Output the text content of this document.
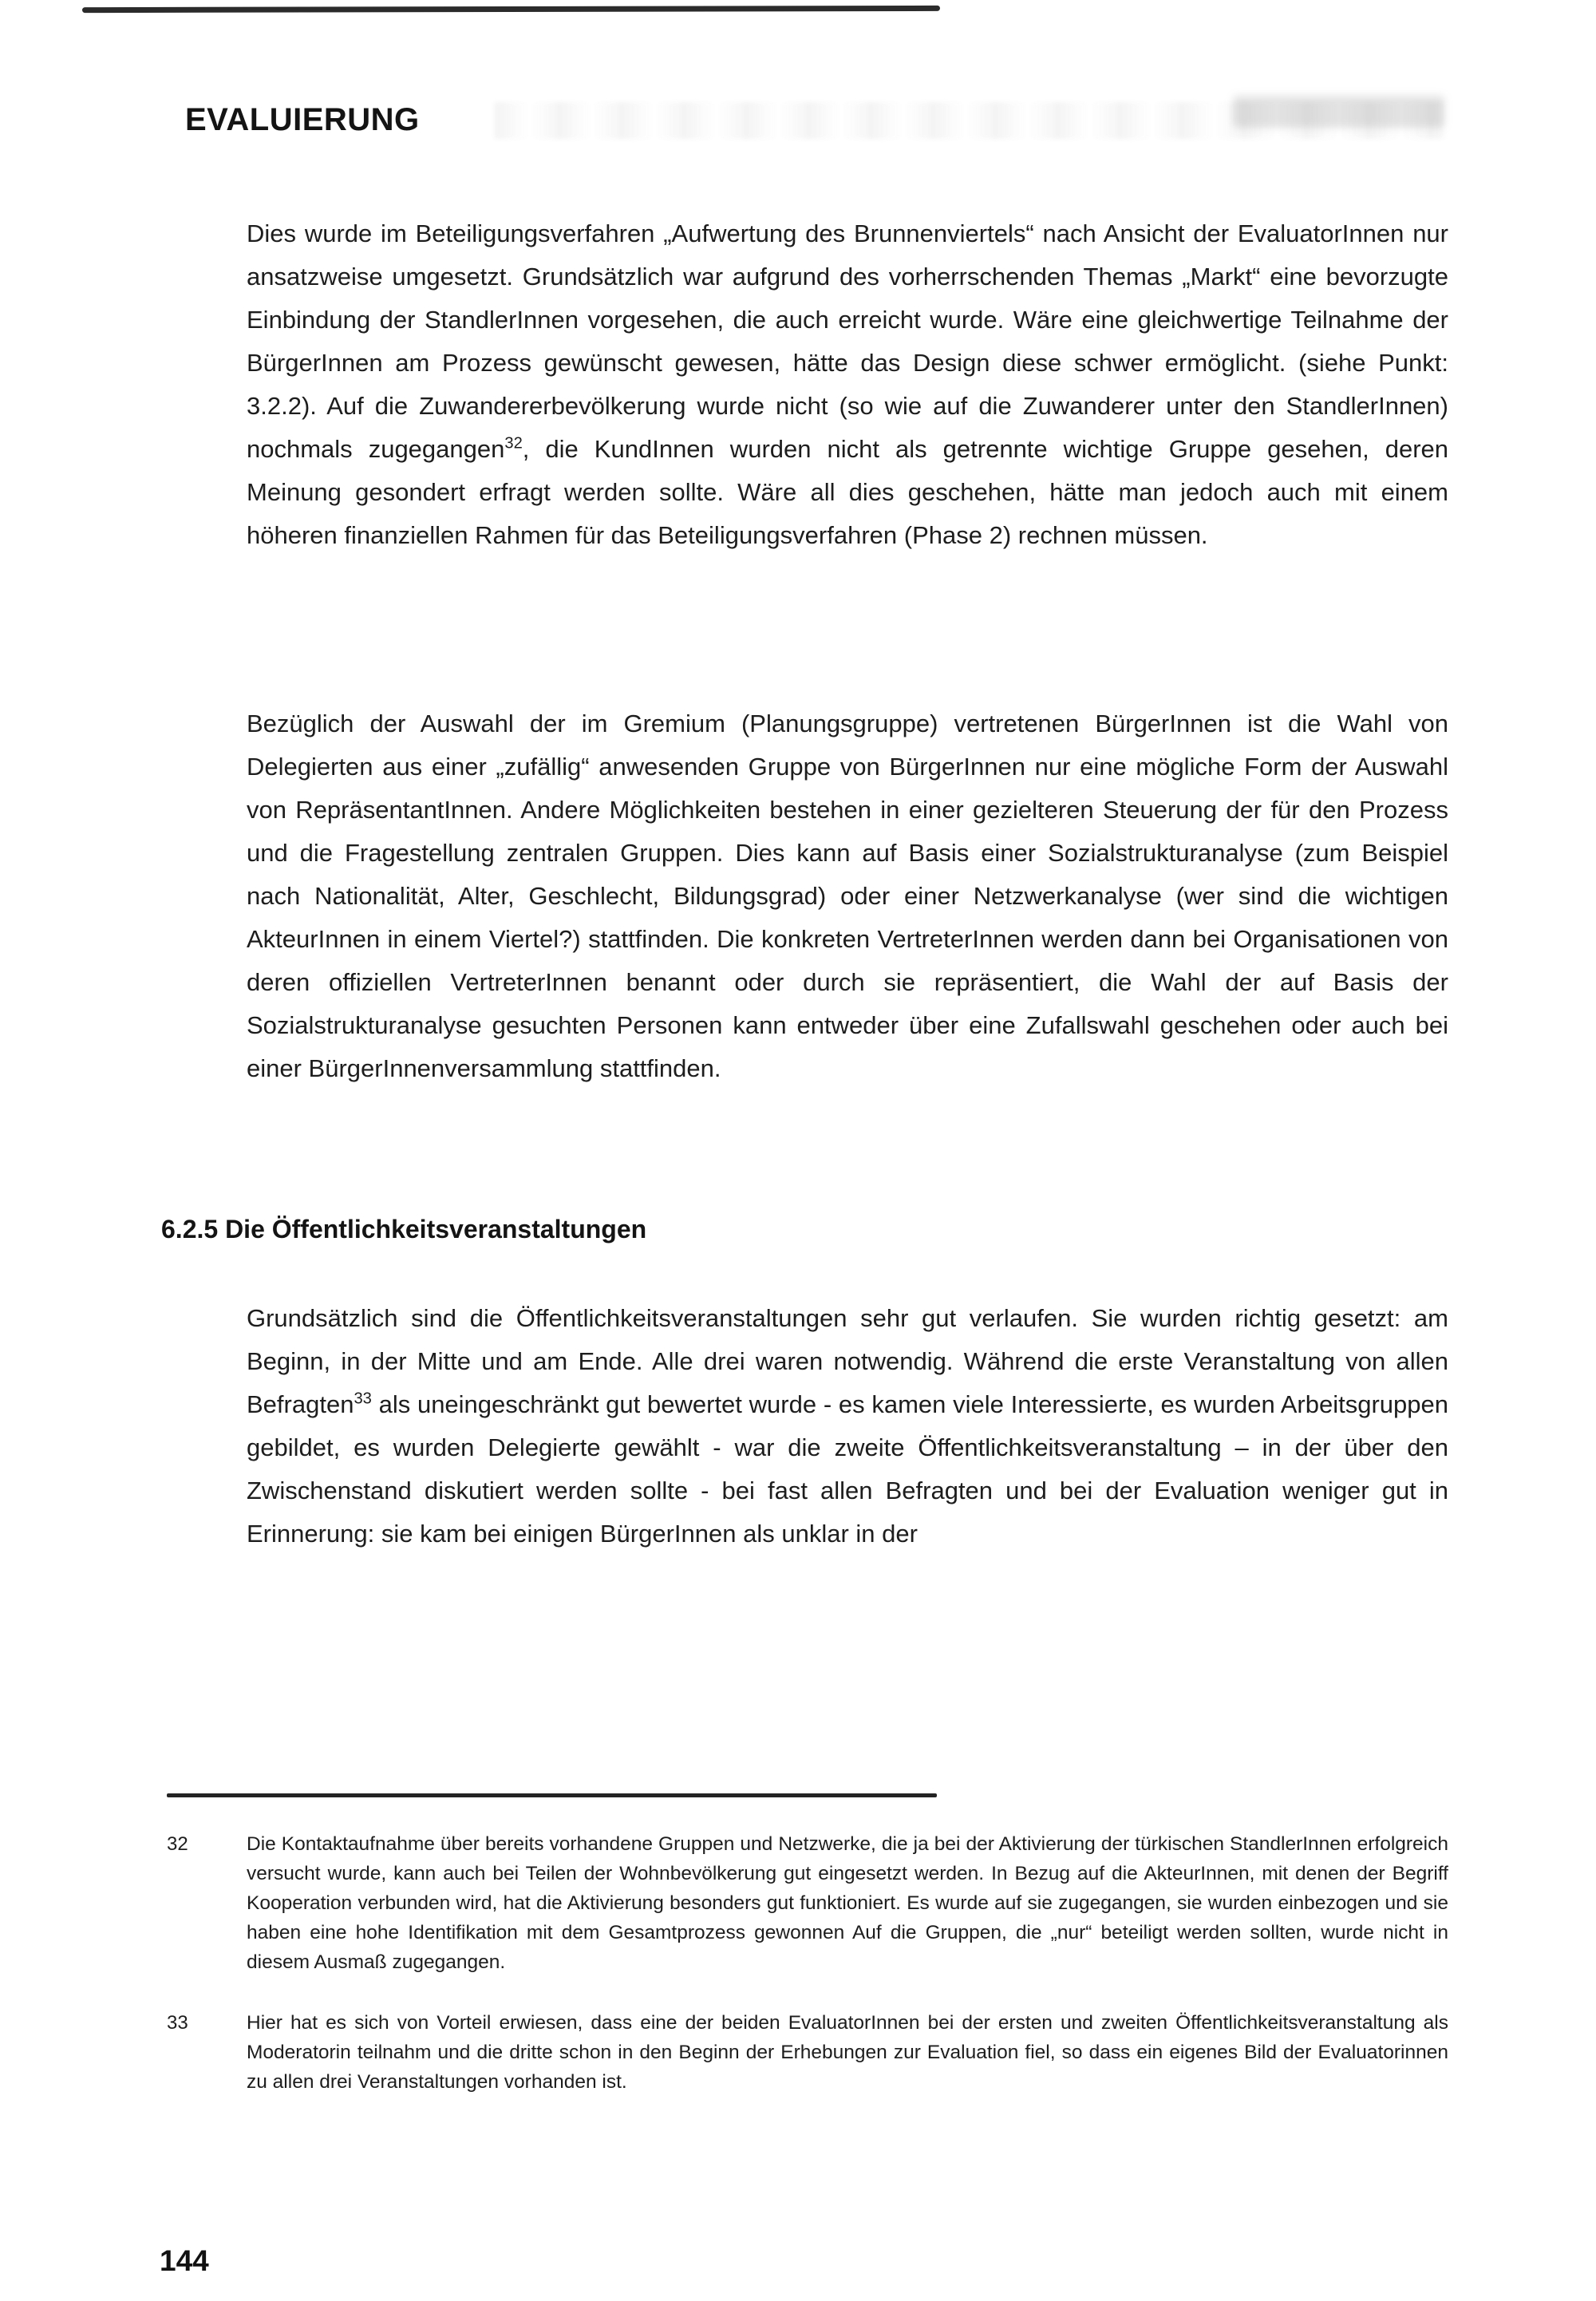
EVALUIERUNG

Dies wurde im Beteiligungsverfahren „Aufwertung des Brunnenviertels“ nach Ansicht der EvaluatorInnen nur ansatzweise umgesetzt. Grundsätzlich war aufgrund des vorherrschenden Themas „Markt“ eine bevorzugte Einbindung der StandlerInnen vorgesehen, die auch erreicht wurde. Wäre eine gleichwertige Teilnahme der BürgerInnen am Prozess gewünscht gewesen, hätte das Design diese schwer ermöglicht. (siehe Punkt: 3.2.2). Auf die Zuwandererbevölkerung wurde nicht (so wie auf die Zuwanderer unter den StandlerInnen) nochmals zugegangen$^{32}$, die KundInnen wurden nicht als getrennte wichtige Gruppe gesehen, deren Meinung gesondert erfragt werden sollte. Wäre all dies geschehen, hätte man jedoch auch mit einem höheren finanziellen Rahmen für das Beteiligungsverfahren (Phase 2) rechnen müssen.

Bezüglich der Auswahl der im Gremium (Planungsgruppe) vertretenen BürgerInnen ist die Wahl von Delegierten aus einer „zufällig“ anwesenden Gruppe von BürgerInnen nur eine mögliche Form der Auswahl von RepräsentantInnen. Andere Möglichkeiten bestehen in einer gezielteren Steuerung der für den Prozess und die Fragestellung zentralen Gruppen. Dies kann auf Basis einer Sozialstrukturanalyse (zum Beispiel nach Nationalität, Alter, Geschlecht, Bildungsgrad) oder einer Netzwerkanalyse (wer sind die wichtigen AkteurInnen in einem Viertel?) stattfinden. Die konkreten VertreterInnen werden dann bei Organisationen von deren offiziellen VertreterInnen benannt oder durch sie repräsentiert, die Wahl der auf Basis der Sozialstrukturanalyse gesuchten Personen kann entweder über eine Zufallswahl geschehen oder auch bei einer BürgerInnenversammlung stattfinden.

6.2.5 Die Öffentlichkeitsveranstaltungen

Grundsätzlich sind die Öffentlichkeitsveranstaltungen sehr gut verlaufen. Sie wurden richtig gesetzt: am Beginn, in der Mitte und am Ende. Alle drei waren notwendig. Während die erste Veranstaltung von allen Befragten$^{33}$ als uneingeschränkt gut bewertet wurde - es kamen viele Interessierte, es wurden Arbeitsgruppen gebildet, es wurden Delegierte gewählt - war die zweite Öffentlichkeitsveranstaltung – in der über den Zwischenstand diskutiert werden sollte - bei fast allen Befragten und bei der Evaluation weniger gut in Erinnerung: sie kam bei einigen BürgerInnen als unklar in der

32	Die Kontaktaufnahme über bereits vorhandene Gruppen und Netzwerke, die ja bei der Aktivierung der türkischen StandlerInnen erfolgreich versucht wurde, kann auch bei Teilen der Wohnbevölkerung gut eingesetzt werden. In Bezug auf die AkteurInnen, mit denen der Begriff Kooperation verbunden wird, hat die Aktivierung besonders gut funktioniert. Es wurde auf sie zugegangen, sie wurden einbezogen und sie haben eine hohe Identifikation mit dem Gesamtprozess gewonnen Auf die Gruppen, die „nur“ beteiligt werden sollten, wurde nicht in diesem Ausmaß zugegangen.

33	Hier hat es sich von Vorteil erwiesen, dass eine der beiden EvaluatorInnen bei der ersten und zweiten Öffentlichkeitsveranstaltung als Moderatorin teilnahm und die dritte schon in den Beginn der Erhebungen zur Evaluation fiel, so dass ein eigenes Bild der Evaluatorinnen zu allen drei Veranstaltungen vorhanden ist.

144
